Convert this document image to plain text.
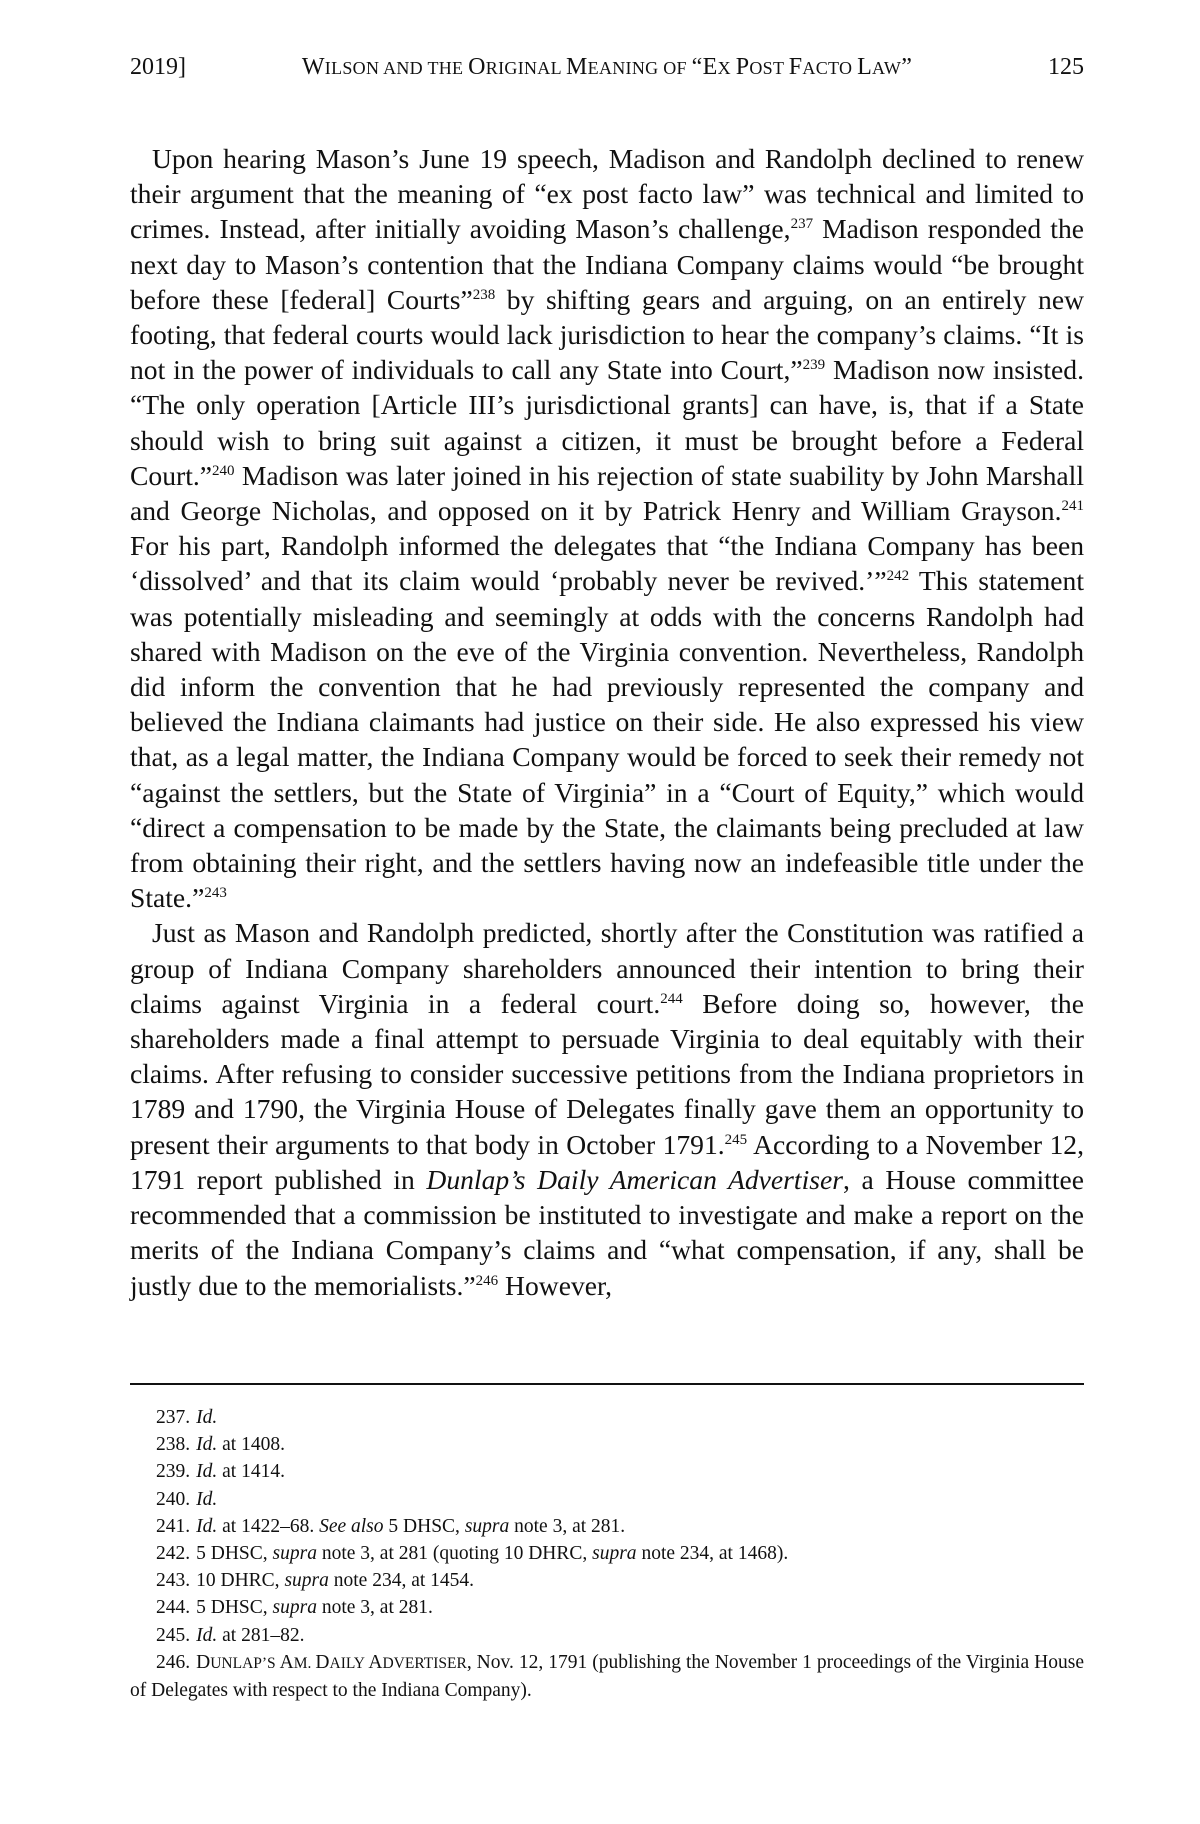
2019]	WILSON AND THE ORIGINAL MEANING OF “EX POST FACTO LAW”	125

Upon hearing Mason’s June 19 speech, Madison and Randolph declined to renew their argument that the meaning of “ex post facto law” was technical and limited to crimes. Instead, after initially avoiding Mason’s challenge,$^{237}$ Madison responded the next day to Mason’s contention that the Indiana Company claims would “be brought before these [federal] Courts”$^{238}$ by shifting gears and arguing, on an entirely new footing, that federal courts would lack jurisdiction to hear the company’s claims. “It is not in the power of individuals to call any State into Court,”$^{239}$ Madison now insisted. “The only operation [Article III’s jurisdictional grants] can have, is, that if a State should wish to bring suit against a citizen, it must be brought before a Federal Court.”$^{240}$ Madison was later joined in his rejection of state suability by John Marshall and George Nicholas, and opposed on it by Patrick Henry and William Grayson.$^{241}$ For his part, Randolph informed the delegates that “the Indiana Company has been ‘dissolved’ and that its claim would ‘probably never be revived.’”$^{242}$ This statement was potentially misleading and seemingly at odds with the concerns Randolph had shared with Madison on the eve of the Virginia convention. Nevertheless, Randolph did inform the convention that he had previously represented the company and believed the Indiana claimants had justice on their side. He also expressed his view that, as a legal matter, the Indiana Company would be forced to seek their remedy not “against the settlers, but the State of Virginia” in a “Court of Equity,” which would “direct a compensation to be made by the State, the claimants being precluded at law from obtaining their right, and the settlers having now an indefeasible title under the State.”$^{243}$

Just as Mason and Randolph predicted, shortly after the Constitution was ratified a group of Indiana Company shareholders announced their intention to bring their claims against Virginia in a federal court.$^{244}$ Before doing so, however, the shareholders made a final attempt to persuade Virginia to deal equitably with their claims. After refusing to consider successive petitions from the Indiana proprietors in 1789 and 1790, the Virginia House of Delegates finally gave them an opportunity to present their arguments to that body in October 1791.$^{245}$ According to a November 12, 1791 report published in Dunlap’s Daily American Advertiser, a House committee recommended that a commission be instituted to investigate and make a report on the merits of the Indiana Company’s claims and “what compensation, if any, shall be justly due to the memorialists.”$^{246}$ However,

237. Id.
238. Id. at 1408.
239. Id. at 1414.
240. Id.
241. Id. at 1422–68. See also 5 DHSC, supra note 3, at 281.
242. 5 DHSC, supra note 3, at 281 (quoting 10 DHRC, supra note 234, at 1468).
243. 10 DHRC, supra note 234, at 1454.
244. 5 DHSC, supra note 3, at 281.
245. Id. at 281–82.
246. DUNLAP’S AM. DAILY ADVERTISER, Nov. 12, 1791 (publishing the November 1 proceedings of the Virginia House of Delegates with respect to the Indiana Company).
